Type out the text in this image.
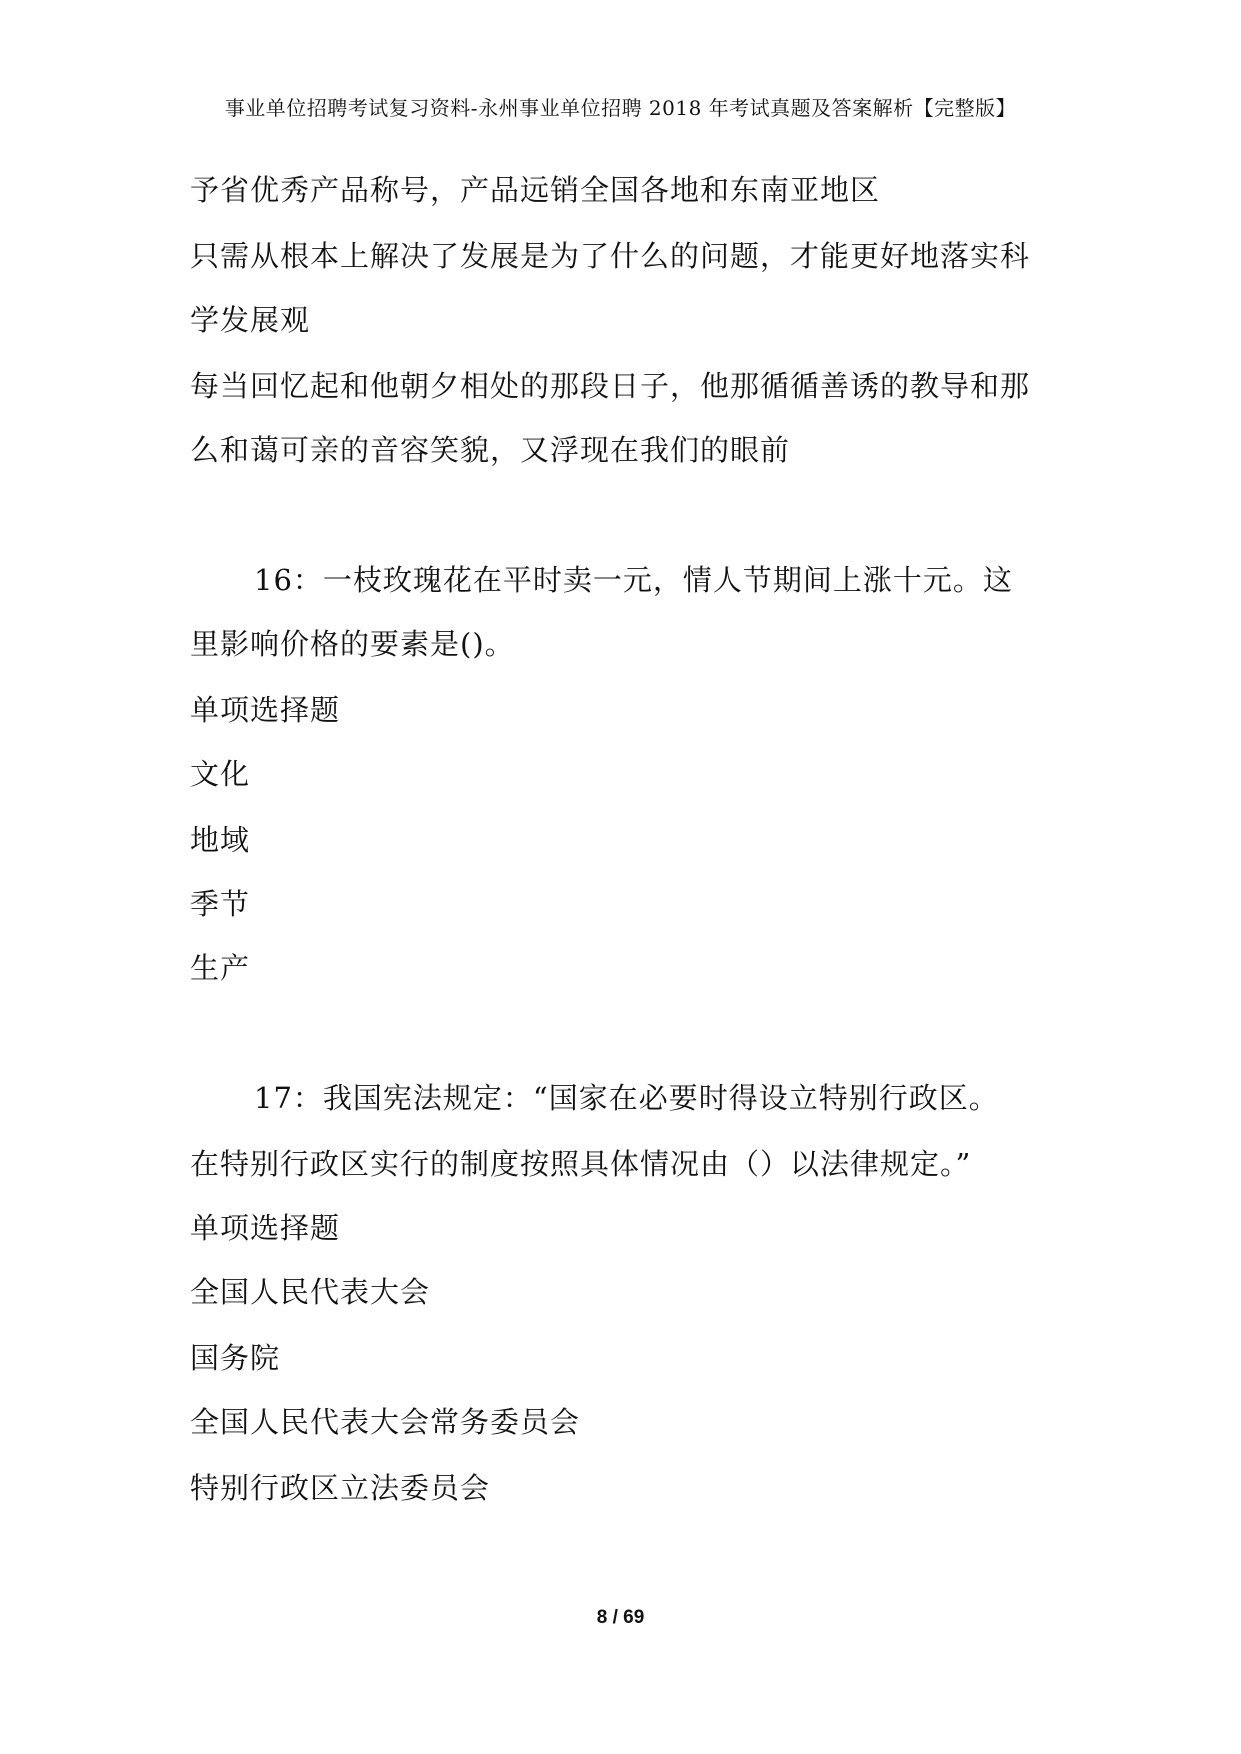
事业单位招聘考试复习资料-永州事业单位招聘 2018 年考试真题及答案解析【完整版】
予省优秀产品称号，产品远销全国各地和东南亚地区
只需从根本上解决了发展是为了什么的问题，才能更好地落实科
学发展观
每当回忆起和他朝夕相处的那段日子，他那循循善诱的教导和那
么和蔼可亲的音容笑貌，又浮现在我们的眼前
16：一枝玫瑰花在平时卖一元，情人节期间上涨十元。这
里影响价格的要素是()。
单项选择题
文化
地域
季节
生产
17：我国宪法规定：“国家在必要时得设立特别行政区。
在特别行政区实行的制度按照具体情况由（）以法律规定。”
单项选择题
全国人民代表大会
国务院
全国人民代表大会常务委员会
特别行政区立法委员会
8 / 69
